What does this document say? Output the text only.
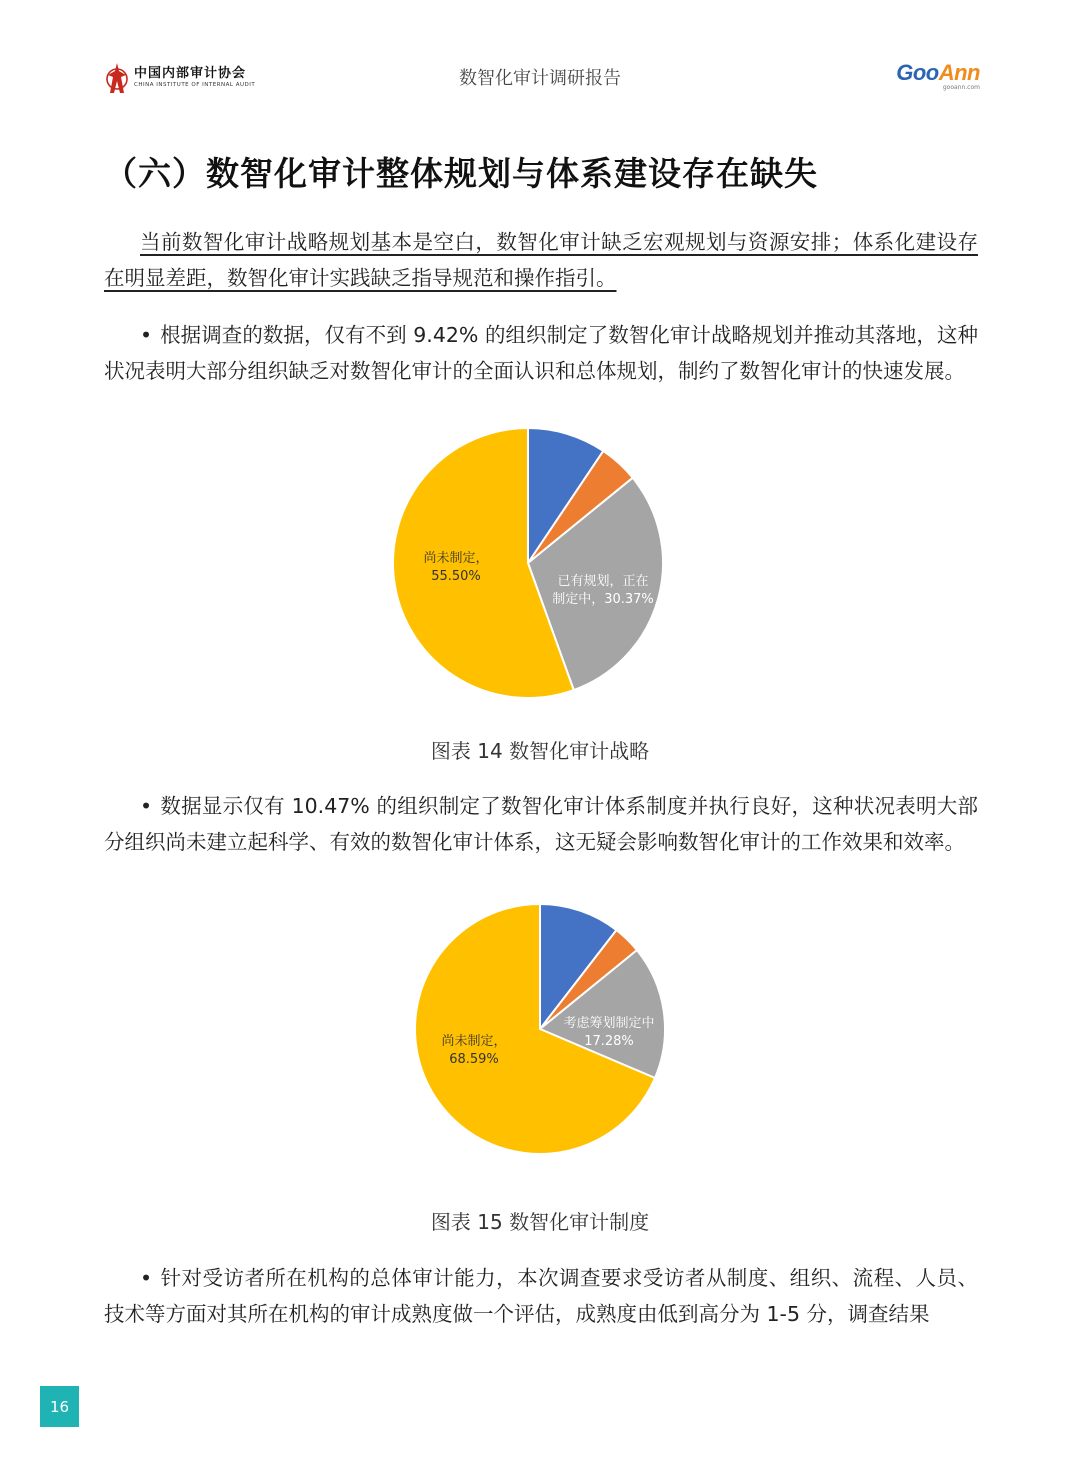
中国内部审计协会
CHINA INSTITUTE OF INTERNAL AUDIT	数智化审计调研报告	GooAnn
gooann.com
（六）数智化审计整体规划与体系建设存在缺失
当前数智化审计战略规划基本是空白，数智化审计缺乏宏观规划与资源安排；体系化建设存在明显差距，数智化审计实践缺乏指导规范和操作指引。
• 根据调查的数据，仅有不到 9.42% 的组织制定了数智化审计战略规划并推动其落地，这种状况表明大部分组织缺乏对数智化审计的全面认识和总体规划，制约了数智化审计的快速发展。
已有规划，正在
制定中，30.37%
尚未制定，
55.50%
图表 14 数智化审计战略
• 数据显示仅有 10.47% 的组织制定了数智化审计体系制度并执行良好，这种状况表明大部分组织尚未建立起科学、有效的数智化审计体系，这无疑会影响数智化审计的工作效果和效率。
考虑筹划制定中
17.28%
尚未制定，
68.59%
图表 15 数智化审计制度
• 针对受访者所在机构的总体审计能力，本次调查要求受访者从制度、组织、流程、人员、技术等方面对其所在机构的审计成熟度做一个评估，成熟度由低到高分为 1-5 分，调查结果
16
